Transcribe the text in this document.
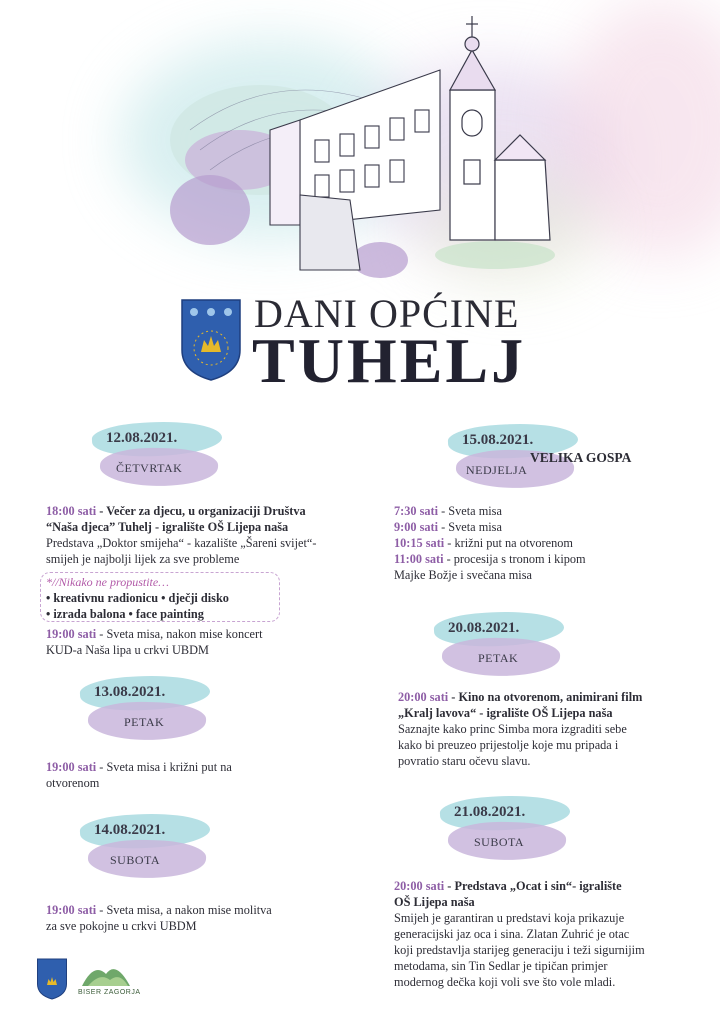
DANI OPĆINE
TUHELJ
12.08.2021.
ČETVRTAK

18:00 sati - Večer za djecu, u organizaciji Društva

“Naša djeca” Tuhelj - igralište OŠ Lijepa naša

Predstava „Doktor smijeha“ - kazalište „Šareni svijet“-

smijeh je najbolji lijek za sve probleme

*//Nikako ne propustite…

• kreativnu radionicu • dječji disko

• izrada balona • face painting

19:00 sati - Sveta misa, nakon mise koncert

KUD-a Naša lipa u crkvi UBDM

13.08.2021.
PETAK

19:00 sati - Sveta misa i križni put na

otvorenom

14.08.2021.
SUBOTA

19:00 sati - Sveta misa, a nakon mise molitva

za sve pokojne u crkvi UBDM

15.08.2021.
NEDJELJA
VELIKA GOSPA

7:30 sati - Sveta misa

9:00 sati - Sveta misa

10:15 sati - križni put na otvorenom

11:00 sati - procesija s tronom i kipom

Majke Božje i svečana misa

20.08.2021.
PETAK

20:00 sati - Kino na otvorenom, animirani film

„Kralj lavova“ - igralište OŠ Lijepa naša

Saznajte kako princ Simba mora izgraditi sebe

kako bi preuzeo prijestolje koje mu pripada i

povratio staru očevu slavu.

21.08.2021.
SUBOTA

20:00 sati - Predstava „Ocat i sin“- igralište

OŠ Lijepa naša

Smijeh je garantiran u predstavi koja prikazuje

generacijski jaz oca i sina. Zlatan Zuhrić je otac

koji predstavlja starijeg generaciju i teži sigurnijim

metodama, sin Tin Sedlar je tipičan primjer

modernog dečka koji voli sve što vole mladi.

BISER ZAGORJA
